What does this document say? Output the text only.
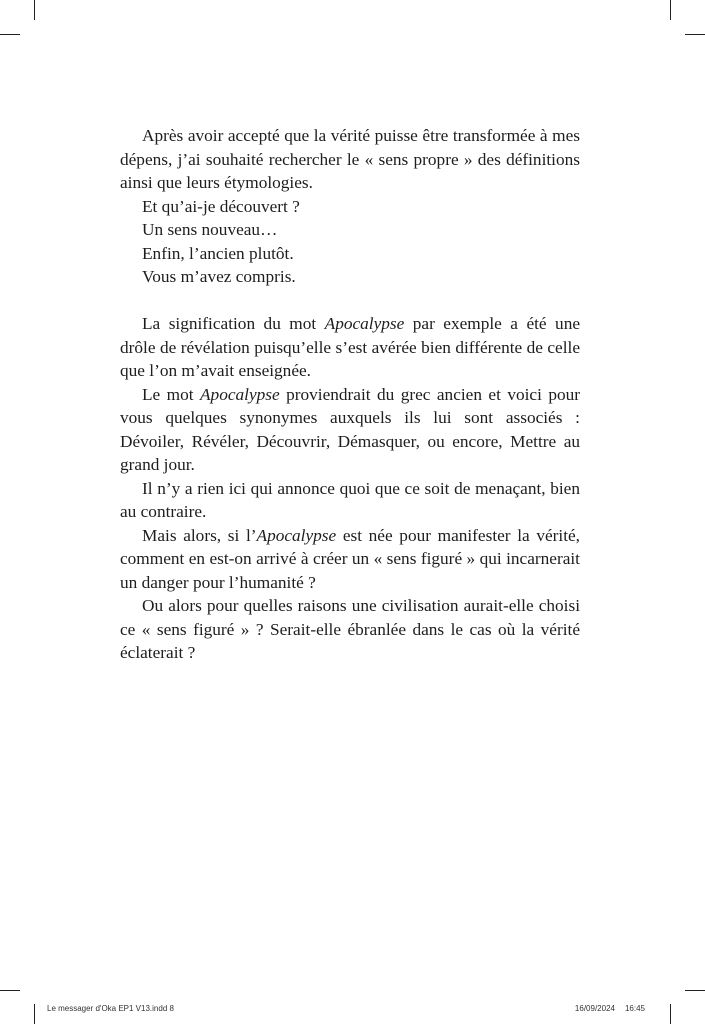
Après avoir accepté que la vérité puisse être transformée à mes dépens, j’ai souhaité rechercher le « sens propre » des définitions ainsi que leurs étymologies.

Et qu’ai-je découvert ?

Un sens nouveau…

Enfin, l’ancien plutôt.

Vous m’avez compris.

La signification du mot Apocalypse par exemple a été une drôle de révélation puisqu’elle s’est avérée bien différente de celle que l’on m’avait enseignée.

Le mot Apocalypse proviendrait du grec ancien et voici pour vous quelques synonymes auxquels ils lui sont associés : Dévoiler, Révéler, Découvrir, Démasquer, ou encore, Mettre au grand jour.

Il n’y a rien ici qui annonce quoi que ce soit de menaçant, bien au contraire.

Mais alors, si l’Apocalypse est née pour manifester la vérité, comment en est-on arrivé à créer un « sens figuré » qui incarnerait un danger pour l’humanité ?

Ou alors pour quelles raisons une civilisation aurait-elle choisi ce « sens figuré » ? Serait-elle ébranlée dans le cas où la vérité éclaterait ?

Le messager d'Oka EP1 V13.indd 8	16/09/2024 16:45
